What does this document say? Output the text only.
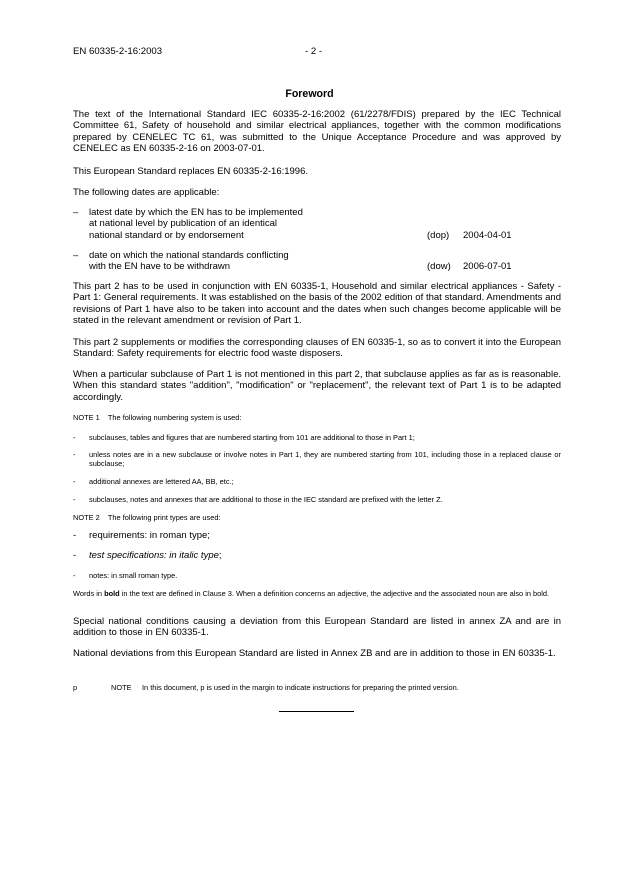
EN 60335-2-16:2003	- 2 -
Foreword
The text of the International Standard IEC 60335-2-16:2002 (61/2278/FDIS) prepared by the IEC Technical Committee 61, Safety of household and similar electrical appliances, together with the common modifications prepared by CENELEC TC 61, was submitted to the Unique Acceptance Procedure and was approved by CENELEC as EN 60335-2-16 on 2003-07-01.
This European Standard replaces EN 60335-2-16:1996.
The following dates are applicable:
– latest date by which the EN has to be implemented
at national level by publication of an identical
national standard or by endorsement	(dop) 2004-04-01
– date on which the national standards conflicting
with the EN have to be withdrawn	(dow) 2006-07-01
This part 2 has to be used in conjunction with EN 60335-1, Household and similar electrical appliances - Safety - Part 1: General requirements. It was established on the basis of the 2002 edition of that standard. Amendments and revisions of Part 1 have also to be taken into account and the dates when such changes become applicable will be stated in the relevant amendment or revision of Part 1.
This part 2 supplements or modifies the corresponding clauses of EN 60335-1, so as to convert it into the European Standard: Safety requirements for electric food waste disposers.
When a particular subclause of Part 1 is not mentioned in this part 2, that subclause applies as far as is reasonable. When this standard states "addition", "modification" or "replacement", the relevant text of Part 1 is to be adapted accordingly.
NOTE 1 The following numbering system is used:
- subclauses, tables and figures that are numbered starting from 101 are additional to those in Part 1;
- unless notes are in a new subclause or involve notes in Part 1, they are numbered starting from 101, including those in a replaced clause or subclause;
- additional annexes are lettered AA, BB, etc.;
- subclauses, notes and annexes that are additional to those in the IEC standard are prefixed with the letter Z.
NOTE 2 The following print types are used:
- requirements: in roman type;
- test specifications: in italic type;
- notes: in small roman type.
Words in bold in the text are defined in Clause 3. When a definition concerns an adjective, the adjective and the associated noun are also in bold.
Special national conditions causing a deviation from this European Standard are listed in annex ZA and are in addition to those in EN 60335-1.
National deviations from this European Standard are listed in Annex ZB and are in addition to those in EN 60335-1.
p	NOTE In this document, p is used in the margin to indicate instructions for preparing the printed version.
